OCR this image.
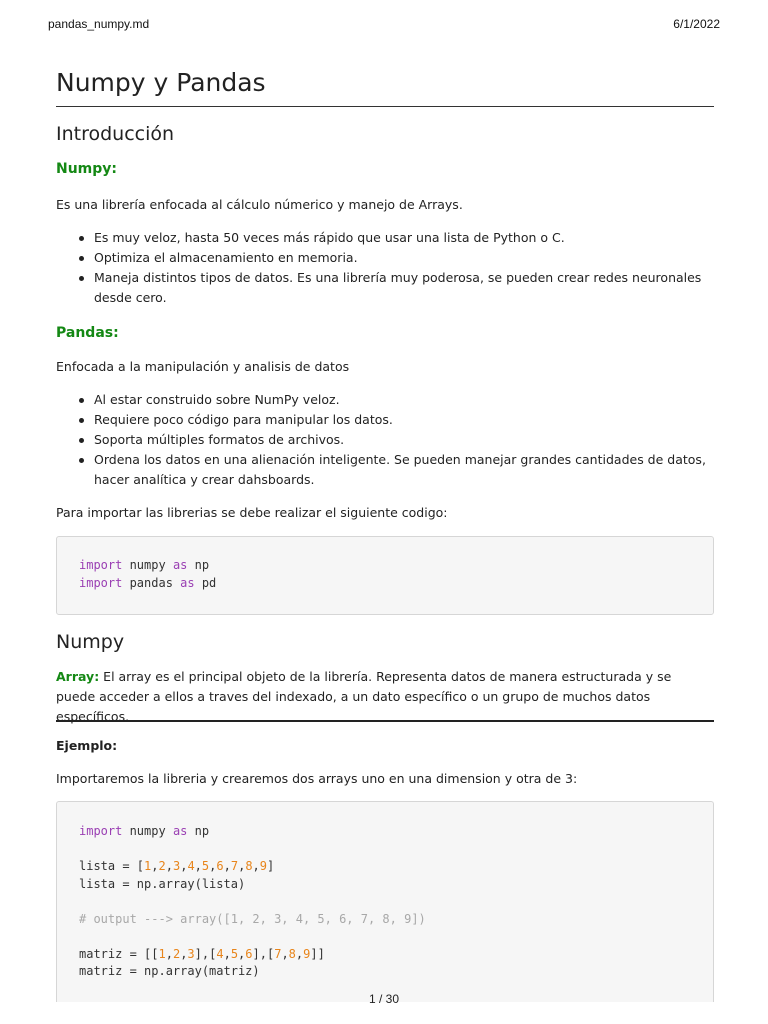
pandas_numpy.md	6/1/2022
Numpy y Pandas
Introducción
Numpy:

Es una librería enfocada al cálculo númerico y manejo de Arrays.

Es muy veloz, hasta 50 veces más rápido que usar una lista de Python o C.
Optimiza el almacenamiento en memoria.
Maneja distintos tipos de datos. Es una librería muy poderosa, se pueden crear redes neuronales desde cero.
Pandas:

Enfocada a la manipulación y analisis de datos

Al estar construido sobre NumPy veloz.
Requiere poco código para manipular los datos.
Soporta múltiples formatos de archivos.
Ordena los datos en una alienación inteligente. Se pueden manejar grandes cantidades de datos, hacer analítica y crear dahsboards.

Para importar las librerias se debe realizar el siguiente codigo:

import numpy as np
import pandas as pd
Numpy

Array: El array es el principal objeto de la librería. Representa datos de manera estructurada y se puede acceder a ellos a traves del indexado, a un dato específico o un grupo de muchos datos específicos.

Ejemplo:

Importaremos la libreria y crearemos dos arrays uno en una dimension y otra de 3:

import numpy as np

lista = [1,2,3,4,5,6,7,8,9]
lista = np.array(lista)

# output ---> array([1, 2, 3, 4, 5, 6, 7, 8, 9])

matriz = [[1,2,3],[4,5,6],[7,8,9]]
matriz = np.array(matriz)
1 / 30
